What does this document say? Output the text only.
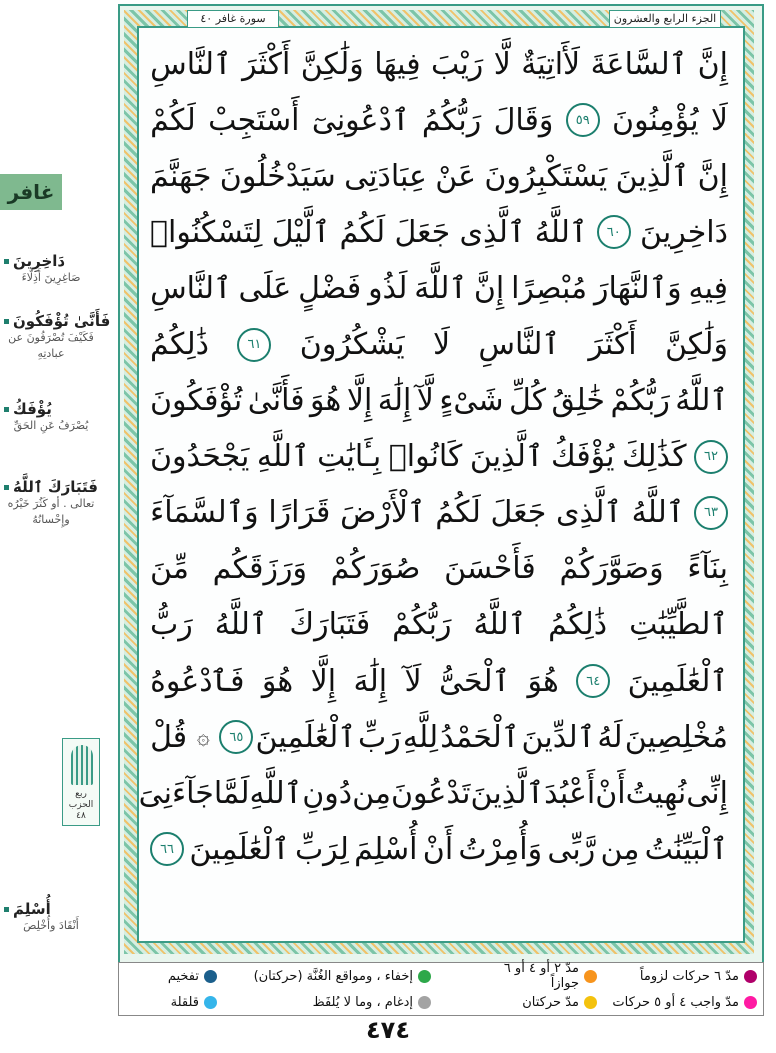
الجزء الرابع والعشرون
سورة غافر ٤٠
غافر
إِنَّ
ٱلسَّاعَةَ
لَأَاتِيَةٌ
لَّا
رَيْبَ
فِيهَا
وَلَٰكِنَّ
أَكْثَرَ
ٱلنَّاسِ
لَا
يُؤْمِنُونَ
٥٩
وَقَالَ
رَبُّكُمُ
ٱدْعُونِىٓ
أَسْتَجِبْ
لَكُمْ
إِنَّ
ٱلَّذِينَ
يَسْتَكْبِرُونَ
عَنْ
عِبَادَتِى
سَيَدْخُلُونَ
جَهَنَّمَ
دَاخِرِينَ
٦٠
ٱللَّهُ
ٱلَّذِى
جَعَلَ
لَكُمُ
ٱلَّيْلَ
لِتَسْكُنُوا۟
فِيهِ
وَٱلنَّهَارَ
مُبْصِرًا
إِنَّ
ٱللَّهَ
لَذُو
فَضْلٍ
عَلَى
ٱلنَّاسِ
وَلَٰكِنَّ
أَكْثَرَ
ٱلنَّاسِ
لَا
يَشْكُرُونَ
٦١
ذَٰلِكُمُ
ٱللَّهُ
رَبُّكُمْ
خَٰلِقُ
كُلِّ
شَىْءٍ
لَّآ
إِلَٰهَ
إِلَّا
هُوَ
فَأَنَّىٰ
تُؤْفَكُونَ
٦٢
كَذَٰلِكَ
يُؤْفَكُ
ٱلَّذِينَ
كَانُوا۟
بِـَٔايَٰتِ
ٱللَّهِ
يَجْحَدُونَ
٦٣
ٱللَّهُ
ٱلَّذِى
جَعَلَ
لَكُمُ
ٱلْأَرْضَ
قَرَارًا
وَٱلسَّمَآءَ
بِنَآءً
وَصَوَّرَكُمْ
فَأَحْسَنَ
صُوَرَكُمْ
وَرَزَقَكُم
مِّنَ
ٱلطَّيِّبَٰتِ
ذَٰلِكُمُ
ٱللَّهُ
رَبُّكُمْ
فَتَبَارَكَ
ٱللَّهُ
رَبُّ
ٱلْعَٰلَمِينَ
٦٤
هُوَ
ٱلْحَىُّ
لَآ
إِلَٰهَ
إِلَّا
هُوَ
فَٱدْعُوهُ
مُخْلِصِينَ
لَهُ
ٱلدِّينَ
ٱلْحَمْدُ
لِلَّهِ
رَبِّ
ٱلْعَٰلَمِينَ
٦٥
۞
قُلْ
إِنِّى
نُهِيتُ
أَنْ
أَعْبُدَ
ٱلَّذِينَ
تَدْعُونَ
مِن
دُونِ
ٱللَّهِ
لَمَّا
جَآءَنِىَ
ٱلْبَيِّنَٰتُ
مِن
رَّبِّى
وَأُمِرْتُ
أَنْ
أُسْلِمَ
لِرَبِّ
ٱلْعَٰلَمِينَ
٦٦
دَاخِرِينَ
صَاغِرِينَ أَذِلَّاءَ
فَأَنَّىٰ تُؤْفَكُونَ
فَكَيْفَ تُصْرَفُونَ عن عبادتِهِ
يُؤْفَكُ
يُصْرَفُ عَنِ الحَقِّ
فَتَبَارَكَ ٱللَّهُ
تعالى . أو كَثُرَ خَيْرُه وإِحْسانُهُ
أُسْلِمَ
أَنْقَادَ وأُخْلِصَ
ربع
الحزب
٤٨
مدّ ٦ حركات لزوماً
مدّ واجب ٤ أو ٥ حركات
مدّ ٢ أو ٤ أو ٦ جوازاً
مدّ حركتان
إخفاء ، ومواقع الغُنَّة (حركتان)
إدغام ، وما لا يُلفَظ
تفخيم
قلقلة
٤٧٤
